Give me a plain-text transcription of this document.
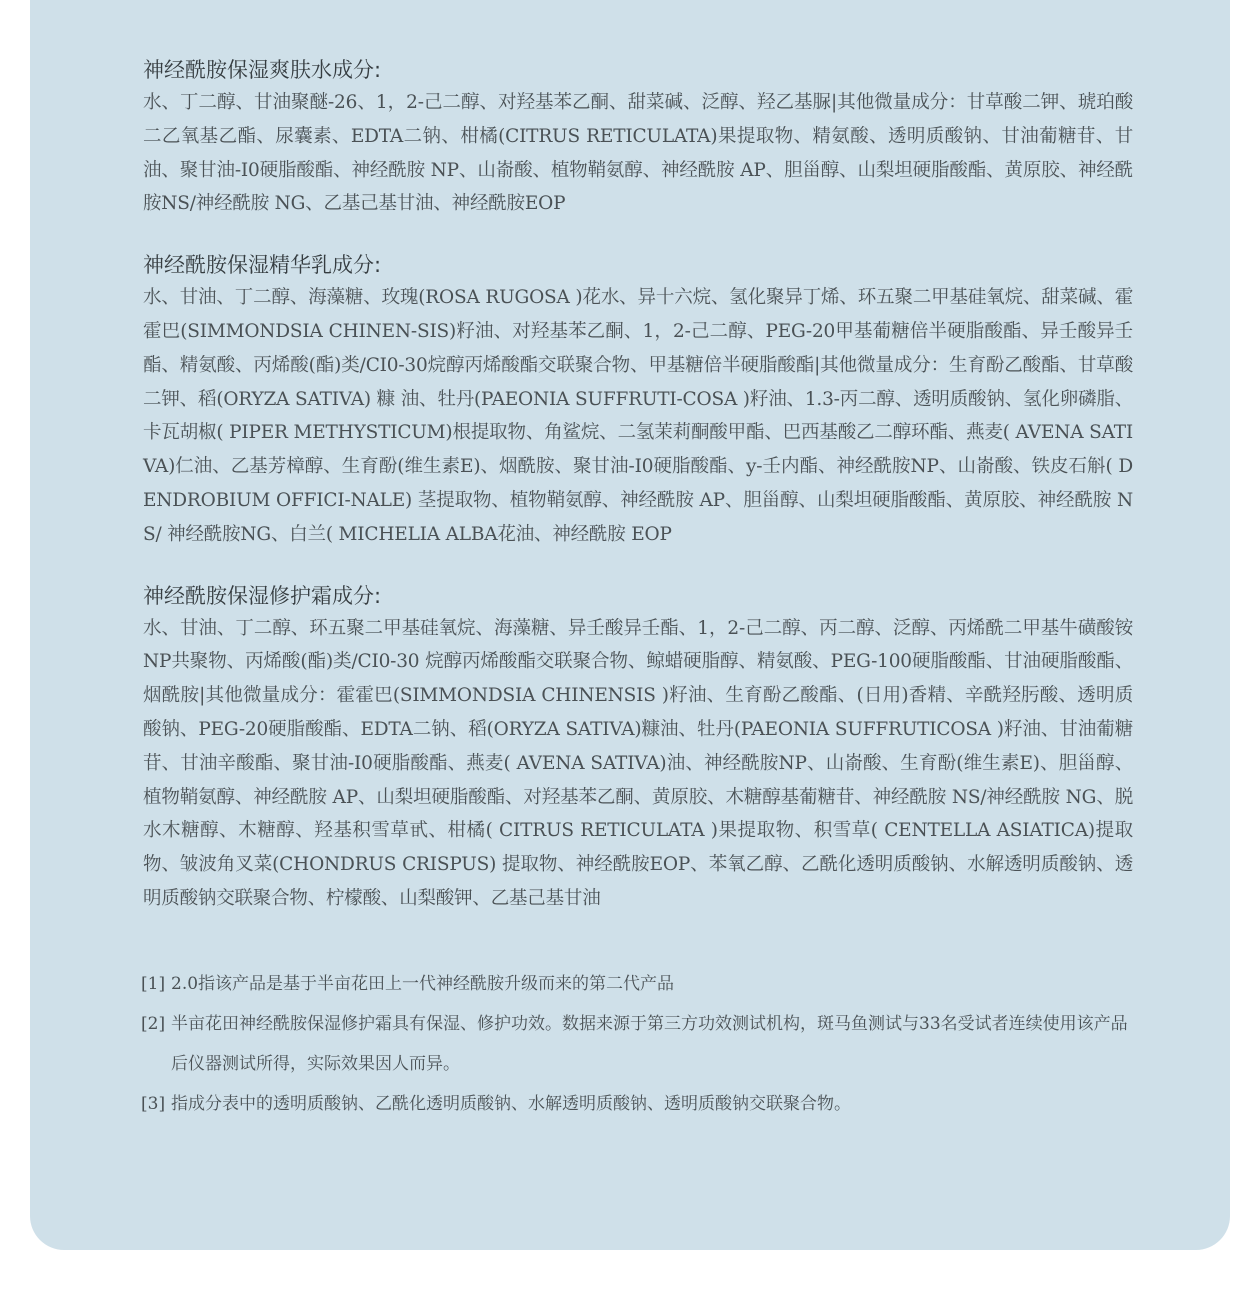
神经酰胺保湿爽肤水成分:
水、丁二醇、甘油聚醚-26、1，2-己二醇、对羟基苯乙酮、甜菜碱、泛醇、羟乙基脲|其他微量成分：甘草酸二钾、琥珀酸二乙氧基乙酯、尿囊素、EDTA二钠、柑橘(CITRUS RETICULATA)果提取物、精氨酸、透明质酸钠、甘油葡糖苷、甘油、聚甘油-I0硬脂酸酯、神经酰胺 NP、山嵛酸、植物鞘氨醇、神经酰胺 AP、胆甾醇、山梨坦硬脂酸酯、黄原胶、神经酰胺NS/神经酰胺 NG、乙基己基甘油、神经酰胺EOP
神经酰胺保湿精华乳成分:
水、甘油、丁二醇、海藻糖、玫瑰(ROSA RUGOSA )花水、异十六烷、氢化聚异丁烯、环五聚二甲基硅氧烷、甜菜碱、霍霍巴(SIMMONDSIA CHINEN-SIS)籽油、对羟基苯乙酮、1，2-己二醇、PEG-20甲基葡糖倍半硬脂酸酯、异壬酸异壬酯、精氨酸、丙烯酸(酯)类/CI0-30烷醇丙烯酸酯交联聚合物、甲基糖倍半硬脂酸酯|其他微量成分：生育酚乙酸酯、甘草酸二钾、稻(ORYZA SATIVA) 糠 油、牡丹(PAEONIA SUFFRUTI-COSA )籽油、1.3-丙二醇、透明质酸钠、氢化卵磷脂、卡瓦胡椒( PIPER METHYSTICUM)根提取物、角鲨烷、二氢茉莉酮酸甲酯、巴西基酸乙二醇环酯、燕麦( AVENA SATIVA)仁油、乙基芳樟醇、生育酚(维生素E)、烟酰胺、聚甘油-I0硬脂酸酯、y-壬内酯、神经酰胺NP、山嵛酸、铁皮石斛( DENDROBIUM OFFICI-NALE) 茎提取物、植物鞘氨醇、神经酰胺 AP、胆甾醇、山梨坦硬脂酸酯、黄原胶、神经酰胺 NS/ 神经酰胺NG、白兰( MICHELIA ALBA花油、神经酰胺 EOP
神经酰胺保湿修护霜成分:
水、甘油、丁二醇、环五聚二甲基硅氧烷、海藻糖、异壬酸异壬酯、1，2-己二醇、丙二醇、泛醇、丙烯酰二甲基牛磺酸铵 NP共聚物、丙烯酸(酯)类/CI0-30 烷醇丙烯酸酯交联聚合物、鲸蜡硬脂醇、精氨酸、PEG-100硬脂酸酯、甘油硬脂酸酯、烟酰胺|其他微量成分：霍霍巴(SIMMONDSIA CHINENSIS )籽油、生育酚乙酸酯、(日用)香精、辛酰羟肟酸、透明质酸钠、PEG-20硬脂酸酯、EDTA二钠、稻(ORYZA SATIVA)糠油、牡丹(PAEONIA SUFFRUTICOSA )籽油、甘油葡糖苷、甘油辛酸酯、聚甘油-I0硬脂酸酯、燕麦( AVENA SATIVA)油、神经酰胺NP、山嵛酸、生育酚(维生素E)、胆甾醇、植物鞘氨醇、神经酰胺 AP、山梨坦硬脂酸酯、对羟基苯乙酮、黄原胶、木糖醇基葡糖苷、神经酰胺 NS/神经酰胺 NG、脱水木糖醇、木糖醇、羟基积雪草甙、柑橘( CITRUS RETICULATA )果提取物、积雪草( CENTELLA ASIATICA)提取物、皱波角叉菜(CHONDRUS CRISPUS) 提取物、神经酰胺EOP、苯氧乙醇、乙酰化透明质酸钠、水解透明质酸钠、透明质酸钠交联聚合物、柠檬酸、山梨酸钾、乙基己基甘油
[1] 2.0指该产品是基于半亩花田上一代神经酰胺升级而来的第二代产品
[2] 半亩花田神经酰胺保湿修护霜具有保湿、修护功效。数据来源于第三方功效测试机构，斑马鱼测试与33名受试者连续使用该产品后仪器测试所得，实际效果因人而异。
[3] 指成分表中的透明质酸钠、乙酰化透明质酸钠、水解透明质酸钠、透明质酸钠交联聚合物。
